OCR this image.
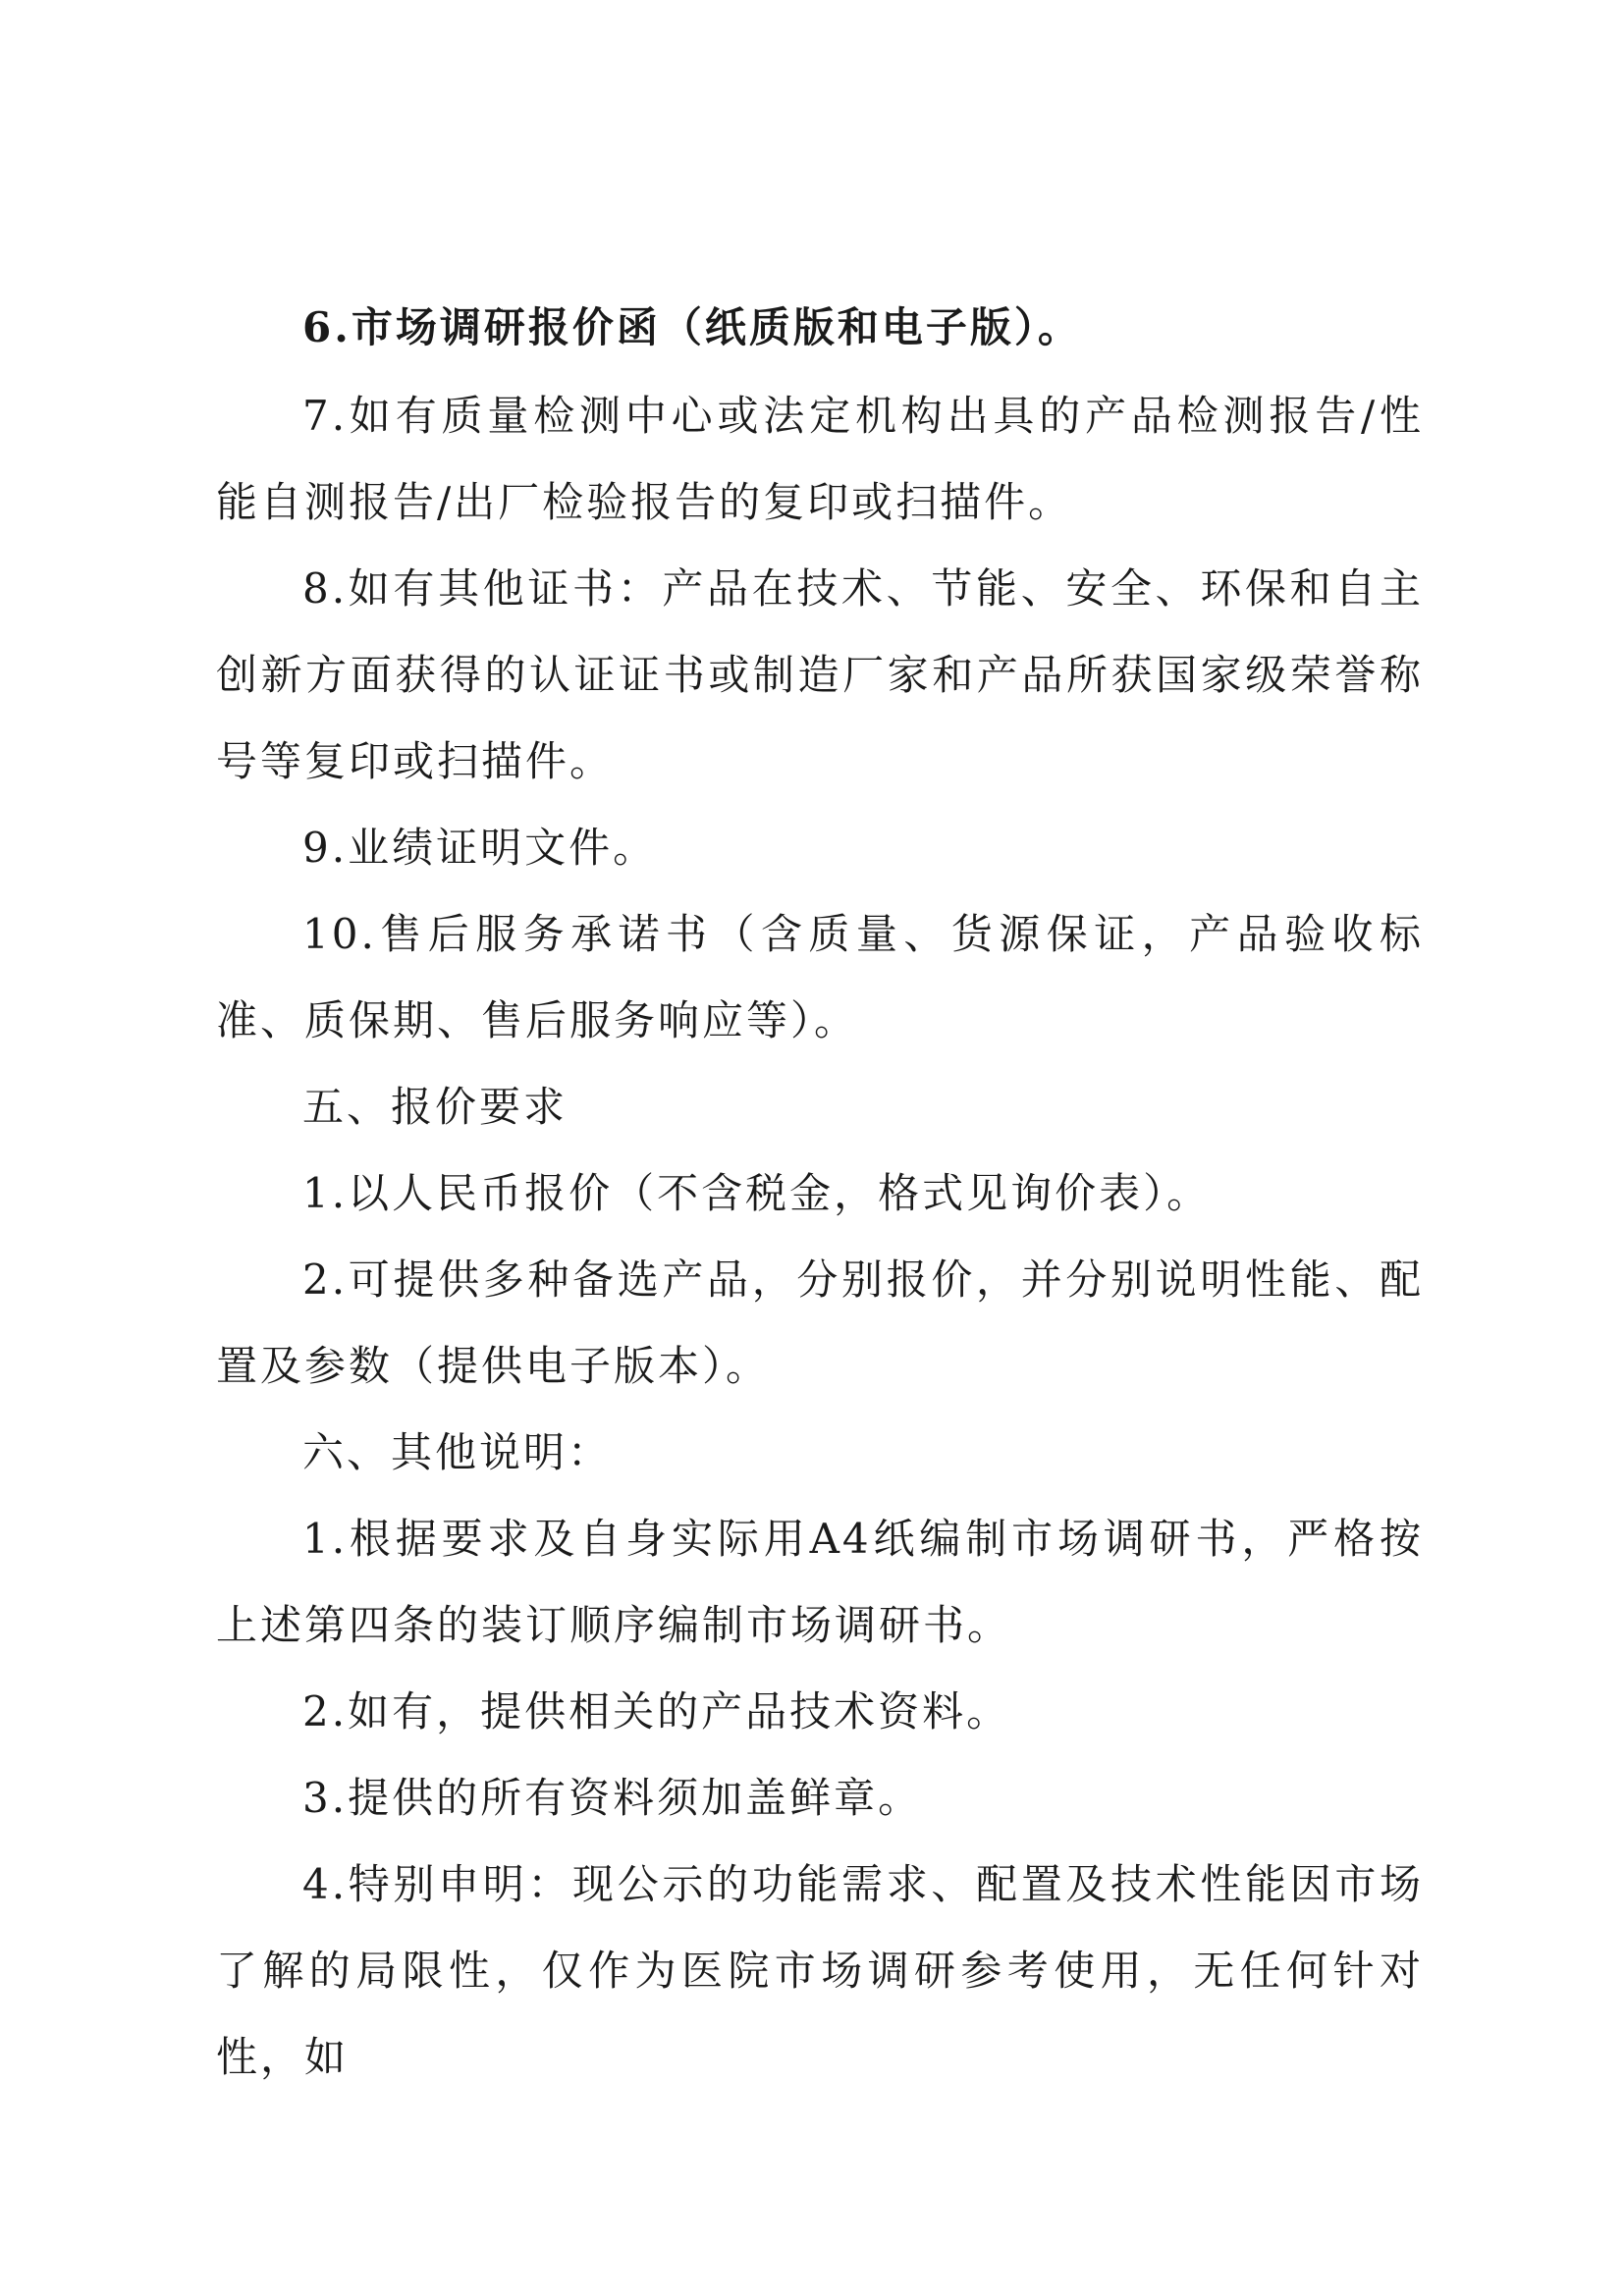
6.市场调研报价函（纸质版和电子版）。

7.如有质量检测中心或法定机构出具的产品检测报告/性能自测报告/出厂检验报告的复印或扫描件。

8.如有其他证书：产品在技术、节能、安全、环保和自主创新方面获得的认证证书或制造厂家和产品所获国家级荣誉称号等复印或扫描件。

9.业绩证明文件。

10.售后服务承诺书（含质量、货源保证，产品验收标准、质保期、售后服务响应等）。

五、报价要求

1.以人民币报价（不含税金，格式见询价表）。

2.可提供多种备选产品，分别报价，并分别说明性能、配置及参数（提供电子版本）。

六、其他说明：

1.根据要求及自身实际用A4纸编制市场调研书，严格按上述第四条的装订顺序编制市场调研书。

2.如有，提供相关的产品技术资料。

3.提供的所有资料须加盖鲜章。

4.特别申明：现公示的功能需求、配置及技术性能因市场了解的局限性，仅作为医院市场调研参考使用，无任何针对性，如
